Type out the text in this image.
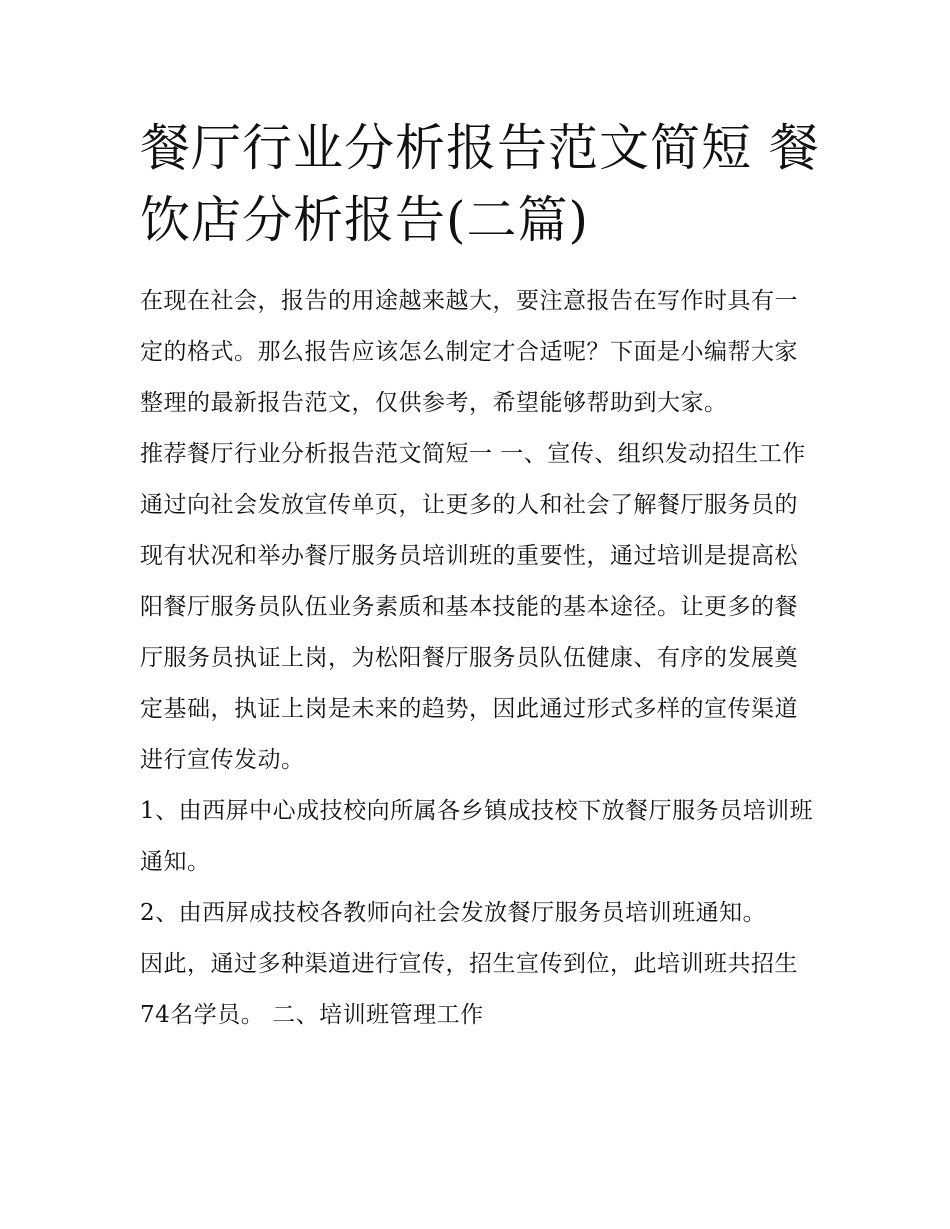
餐厅行业分析报告范文简短 餐饮店分析报告(二篇)

在现在社会，报告的用途越来越大，要注意报告在写作时具有一定的格式。那么报告应该怎么制定才合适呢？下面是小编帮大家整理的最新报告范文，仅供参考，希望能够帮助到大家。

推荐餐厅行业分析报告范文简短一 一、宣传、组织发动招生工作

通过向社会发放宣传单页，让更多的人和社会了解餐厅服务员的现有状况和举办餐厅服务员培训班的重要性，通过培训是提高松阳餐厅服务员队伍业务素质和基本技能的基本途径。让更多的餐厅服务员执证上岗，为松阳餐厅服务员队伍健康、有序的发展奠定基础，执证上岗是未来的趋势，因此通过形式多样的宣传渠道进行宣传发动。

1、由西屏中心成技校向所属各乡镇成技校下放餐厅服务员培训班通知。

2、由西屏成技校各教师向社会发放餐厅服务员培训班通知。

因此，通过多种渠道进行宣传，招生宣传到位，此培训班共招生74名学员。 二、培训班管理工作
